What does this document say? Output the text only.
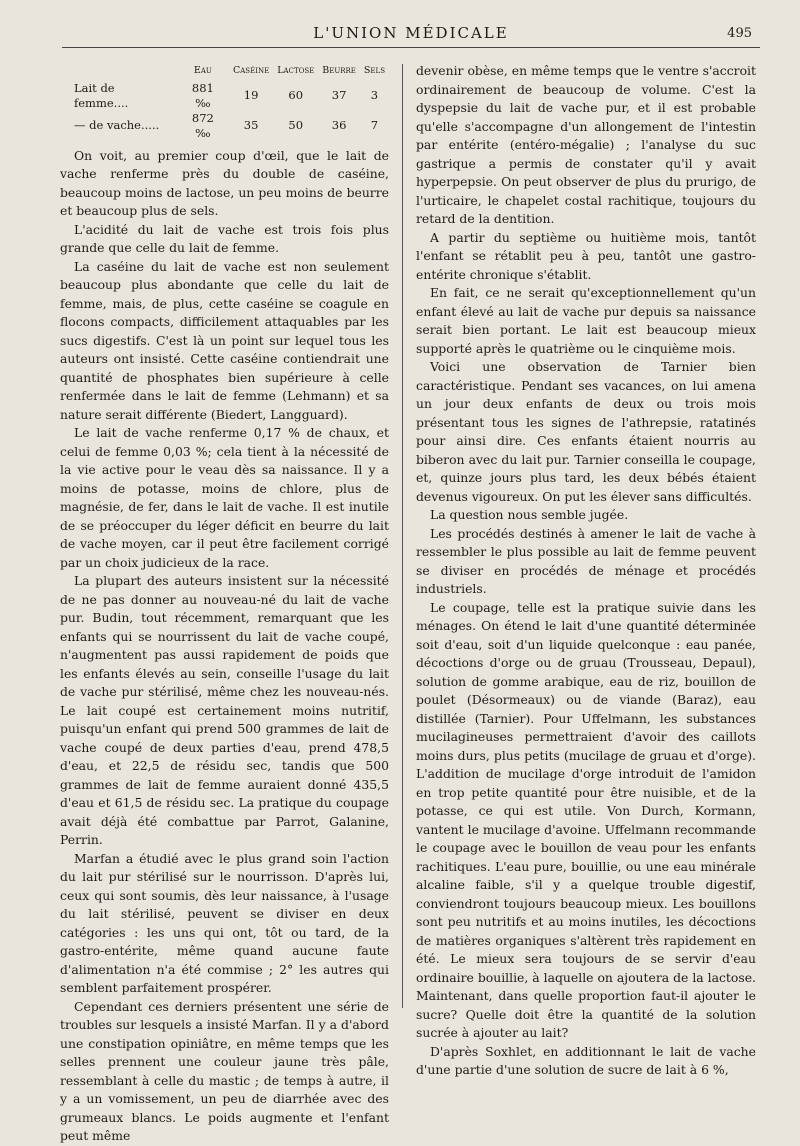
L'UNION MÉDICALE	495
	Eau	Caséine	Lactose	Beurre	Sels
Lait de femme....	881 ‰	19	60	37	3
— de vache.....	872 ‰	35	50	36	7

On voit, au premier coup d'œil, que le lait de vache renferme près du double de caséine, beaucoup moins de lactose, un peu moins de beurre et beaucoup plus de sels.

L'acidité du lait de vache est trois fois plus grande que celle du lait de femme.

La caséine du lait de vache est non seulement beaucoup plus abondante que celle du lait de femme, mais, de plus, cette caséine se coagule en flocons compacts, difficilement attaquables par les sucs digestifs. C'est là un point sur lequel tous les auteurs ont insisté. Cette caséine contiendrait une quantité de phosphates bien supérieure à celle renfermée dans le lait de femme (Lehmann) et sa nature serait différente (Biedert, Langguard).

Le lait de vache renferme 0,17 % de chaux, et celui de femme 0,03 %; cela tient à la nécessité de la vie active pour le veau dès sa naissance. Il y a moins de potasse, moins de chlore, plus de magnésie, de fer, dans le lait de vache. Il est inutile de se préoccuper du léger déficit en beurre du lait de vache moyen, car il peut être facilement corrigé par un choix judicieux de la race.

La plupart des auteurs insistent sur la nécessité de ne pas donner au nouveau-né du lait de vache pur. Budin, tout récemment, remarquant que les enfants qui se nourrissent du lait de vache coupé, n'augmentent pas aussi rapidement de poids que les enfants élevés au sein, conseille l'usage du lait de vache pur stérilisé, même chez les nouveau-nés. Le lait coupé est certainement moins nutritif, puisqu'un enfant qui prend 500 grammes de lait de vache coupé de deux parties d'eau, prend 478,5 d'eau, et 22,5 de résidu sec, tandis que 500 grammes de lait de femme auraient donné 435,5 d'eau et 61,5 de résidu sec. La pratique du coupage avait déjà été combattue par Parrot, Galanine, Perrin.

Marfan a étudié avec le plus grand soin l'action du lait pur stérilisé sur le nourrisson. D'après lui, ceux qui sont soumis, dès leur naissance, à l'usage du lait stérilisé, peuvent se diviser en deux catégories : les uns qui ont, tôt ou tard, de la gastro-entérite, même quand aucune faute d'alimentation n'a été commise ; 2° les autres qui semblent parfaitement prospérer.

Cependant ces derniers présentent une série de troubles sur lesquels a insisté Marfan. Il y a d'abord une constipation opiniâtre, en même temps que les selles prennent une couleur jaune très pâle, ressemblant à celle du mastic ; de temps à autre, il y a un vomissement, un peu de diarrhée avec des grumeaux blancs. Le poids augmente et l'enfant peut même

devenir obèse, en même temps que le ventre s'accroit ordinairement de beaucoup de volume. C'est la dyspepsie du lait de vache pur, et il est probable qu'elle s'accompagne d'un allongement de l'intestin par entérite (entéro-mégalie) ; l'analyse du suc gastrique a permis de constater qu'il y avait hyperpepsie. On peut observer de plus du prurigo, de l'urticaire, le chapelet costal rachitique, toujours du retard de la dentition.

A partir du septième ou huitième mois, tantôt l'enfant se rétablit peu à peu, tantôt une gastro-entérite chronique s'établit.

En fait, ce ne serait qu'exceptionnellement qu'un enfant élevé au lait de vache pur depuis sa naissance serait bien portant. Le lait est beaucoup mieux supporté après le quatrième ou le cinquième mois.

Voici une observation de Tarnier bien caractéristique. Pendant ses vacances, on lui amena un jour deux enfants de deux ou trois mois présentant tous les signes de l'athrepsie, ratatinés pour ainsi dire. Ces enfants étaient nourris au biberon avec du lait pur. Tarnier conseilla le coupage, et, quinze jours plus tard, les deux bébés étaient devenus vigoureux. On put les élever sans difficultés.

La question nous semble jugée.

Les procédés destinés à amener le lait de vache à ressembler le plus possible au lait de femme peuvent se diviser en procédés de ménage et procédés industriels.

Le coupage, telle est la pratique suivie dans les ménages. On étend le lait d'une quantité déterminée soit d'eau, soit d'un liquide quelconque : eau panée, décoctions d'orge ou de gruau (Trousseau, Depaul), solution de gomme arabique, eau de riz, bouillon de poulet (Désormeaux) ou de viande (Baraz), eau distillée (Tarnier). Pour Uffelmann, les substances mucilagineuses permettraient d'avoir des caillots moins durs, plus petits (mucilage de gruau et d'orge). L'addition de mucilage d'orge introduit de l'amidon en trop petite quantité pour être nuisible, et de la potasse, ce qui est utile. Von Durch, Kormann, vantent le mucilage d'avoine. Uffelmann recommande le coupage avec le bouillon de veau pour les enfants rachitiques. L'eau pure, bouillie, ou une eau minérale alcaline faible, s'il y a quelque trouble digestif, conviendront toujours beaucoup mieux. Les bouillons sont peu nutritifs et au moins inutiles, les décoctions de matières organiques s'altèrent très rapidement en été. Le mieux sera toujours de se servir d'eau ordinaire bouillie, à laquelle on ajoutera de la lactose. Maintenant, dans quelle proportion faut-il ajouter le sucre? Quelle doit être la quantité de la solution sucrée à ajouter au lait?

D'après Soxhlet, en additionnant le lait de vache d'une partie d'une solution de sucre de lait à 6 %,
